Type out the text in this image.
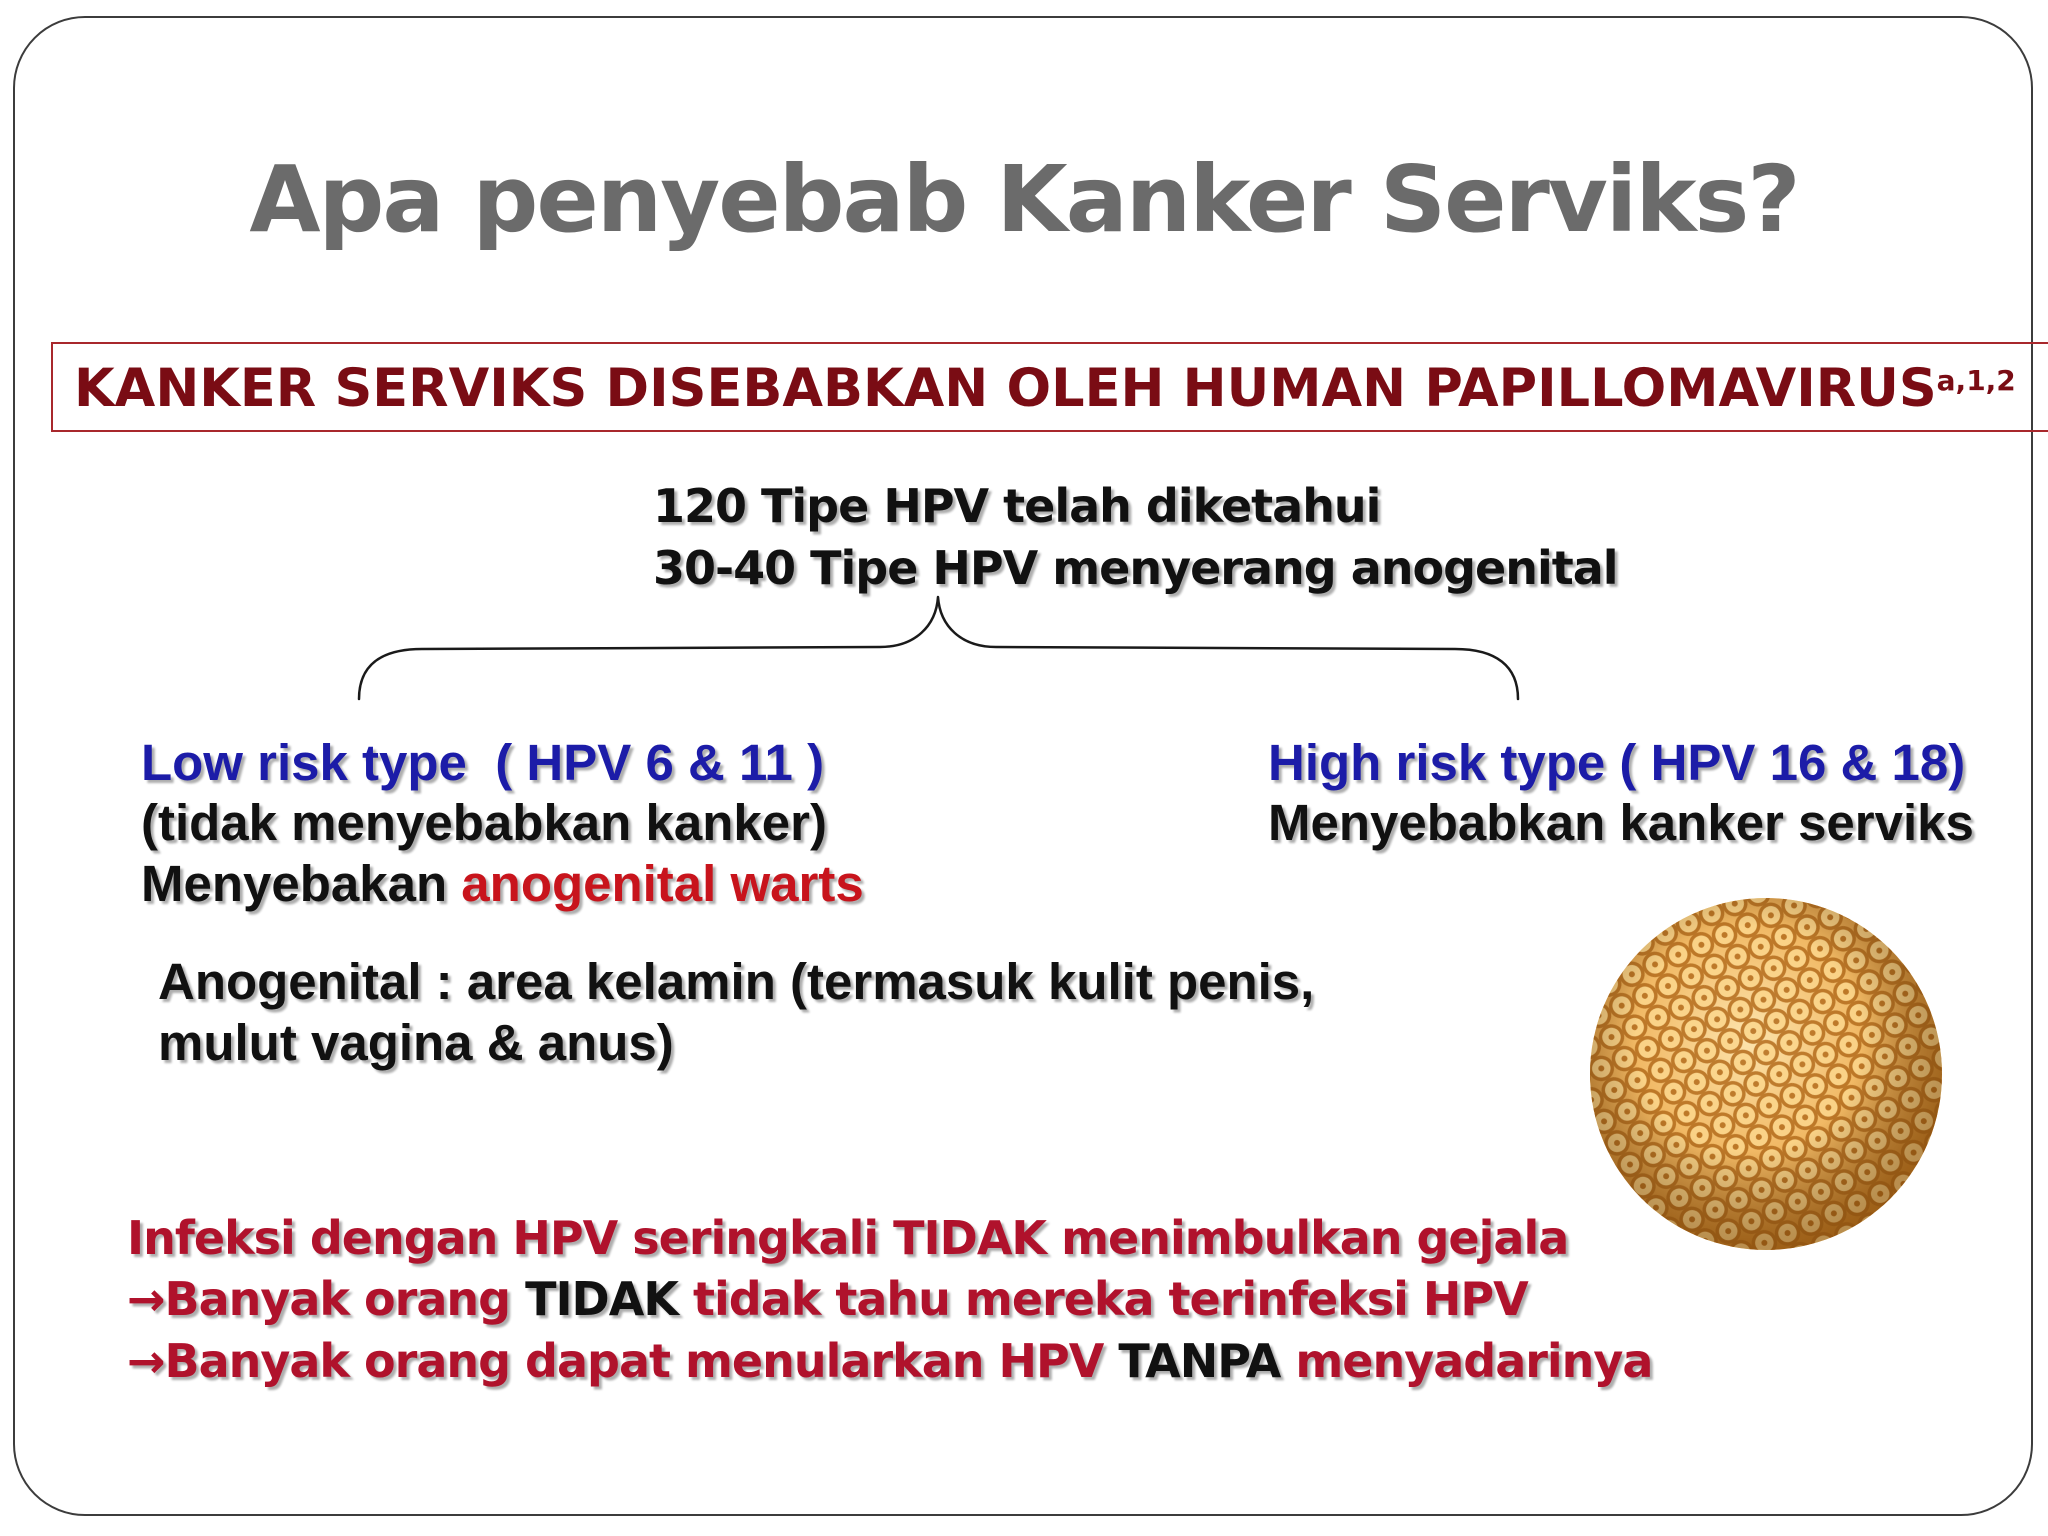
Apa penyebab Kanker Serviks?
KANKER SERVIKS DISEBABKAN OLEH HUMAN PAPILLOMAVIRUS$^{a,1,2}$
120 Tipe HPV telah diketahui
30-40 Tipe HPV menyerang anogenital
Low risk type  ( HPV 6 & 11 )
(tidak menyebabkan kanker)
Menyebakan anogenital warts
High risk type ( HPV 16 & 18)
Menyebabkan kanker serviks
Anogenital : area kelamin (termasuk kulit penis,
mulut vagina & anus)
Infeksi dengan HPV seringkali TIDAK menimbulkan gejala
→Banyak orang TIDAK tidak tahu mereka terinfeksi HPV
→Banyak orang dapat menularkan HPV TANPA menyadarinya
